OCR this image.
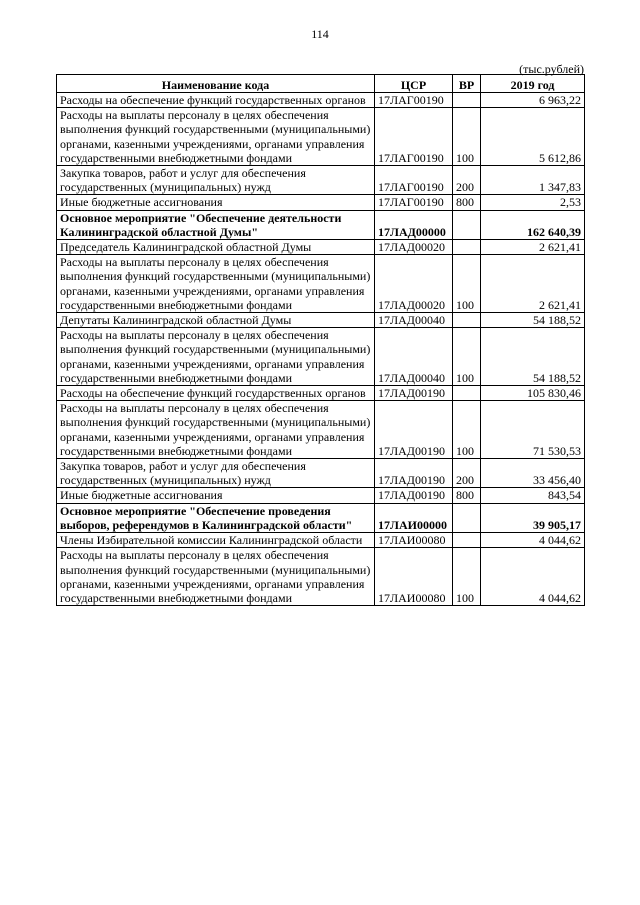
114
(тыс.рублей)
Наименование кода	ЦСР	ВР	2019 год
Расходы на обеспечение функций государственных органов	17ЛАГ00190		6 963,22
Расходы на выплаты персоналу в целях обеспечения выполнения функций государственными (муниципальными) органами, казенными учреждениями, органами управления государственными внебюджетными фондами	17ЛАГ00190	100	5 612,86
Закупка товаров, работ и услуг для обеспечения государственных (муниципальных) нужд	17ЛАГ00190	200	1 347,83
Иные бюджетные ассигнования	17ЛАГ00190	800	2,53
Основное мероприятие "Обеспечение деятельности Калининградской областной Думы"	17ЛАД00000		162 640,39
Председатель Калининградской областной Думы	17ЛАД00020		2 621,41
Расходы на выплаты персоналу в целях обеспечения выполнения функций государственными (муниципальными) органами, казенными учреждениями, органами управления государственными внебюджетными фондами	17ЛАД00020	100	2 621,41
Депутаты Калининградской областной Думы	17ЛАД00040		54 188,52
Расходы на выплаты персоналу в целях обеспечения выполнения функций государственными (муниципальными) органами, казенными учреждениями, органами управления государственными внебюджетными фондами	17ЛАД00040	100	54 188,52
Расходы на обеспечение функций государственных органов	17ЛАД00190		105 830,46
Расходы на выплаты персоналу в целях обеспечения выполнения функций государственными (муниципальными) органами, казенными учреждениями, органами управления государственными внебюджетными фондами	17ЛАД00190	100	71 530,53
Закупка товаров, работ и услуг для обеспечения государственных (муниципальных) нужд	17ЛАД00190	200	33 456,40
Иные бюджетные ассигнования	17ЛАД00190	800	843,54
Основное мероприятие "Обеспечение проведения выборов, референдумов в Калининградской области"	17ЛАИ00000		39 905,17
Члены Избирательной комиссии Калининградской области	17ЛАИ00080		4 044,62
Расходы на выплаты персоналу в целях обеспечения выполнения функций государственными (муниципальными) органами, казенными учреждениями, органами управления государственными внебюджетными фондами	17ЛАИ00080	100	4 044,62
